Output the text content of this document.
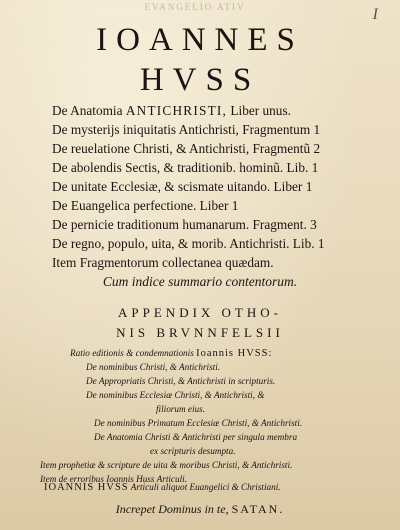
EVANGELIO ATIV	I
IOANNES
HVSS
De Anatomia ANTICHRISTI, Liber unus.
De mysterijs iniquitatis Antichristi, Fragmentum 1
De reuelatione Christi, & Antichristi, Fragmentũ 2
De abolendis Sectis, & traditionib. hominũ. Lib. 1
De unitate Ecclesiæ, & scismate uitando. Liber 1
De Euangelica perfectione. Liber 1
De pernicie traditionum humanarum. Fragment. 3
De regno, populo, uita, & morib. Antichristi. Lib. 1
Item Fragmentorum collectanea quædam.
Cum indice summario contentorum.
APPENDIX OTHO-
NIS BRVNNFELSII
Ratio editionis & condemnationis Ioannis HVSS:
De nominibus Christi, & Antichristi.
De Appropriatis Christi, & Antichristi in scripturis.
De nominibus Ecclesiæ Christi, & Antichristi, &
filiorum eius.
De nominibus Primatum Ecclesiæ Christi, & Antichristi.
De Anatomia Christi & Antichristi per singula membra
ex scripturis desumpta.
Item prophetiæ & scripture de uita & moribus Christi, & Antichristi.
Item de erroribus Ioannis Huss Articuli.
IOANNIS HVSS Articuli aliquot Euangelici & Christiani.
Increpet Dominus in te, SATAN.
